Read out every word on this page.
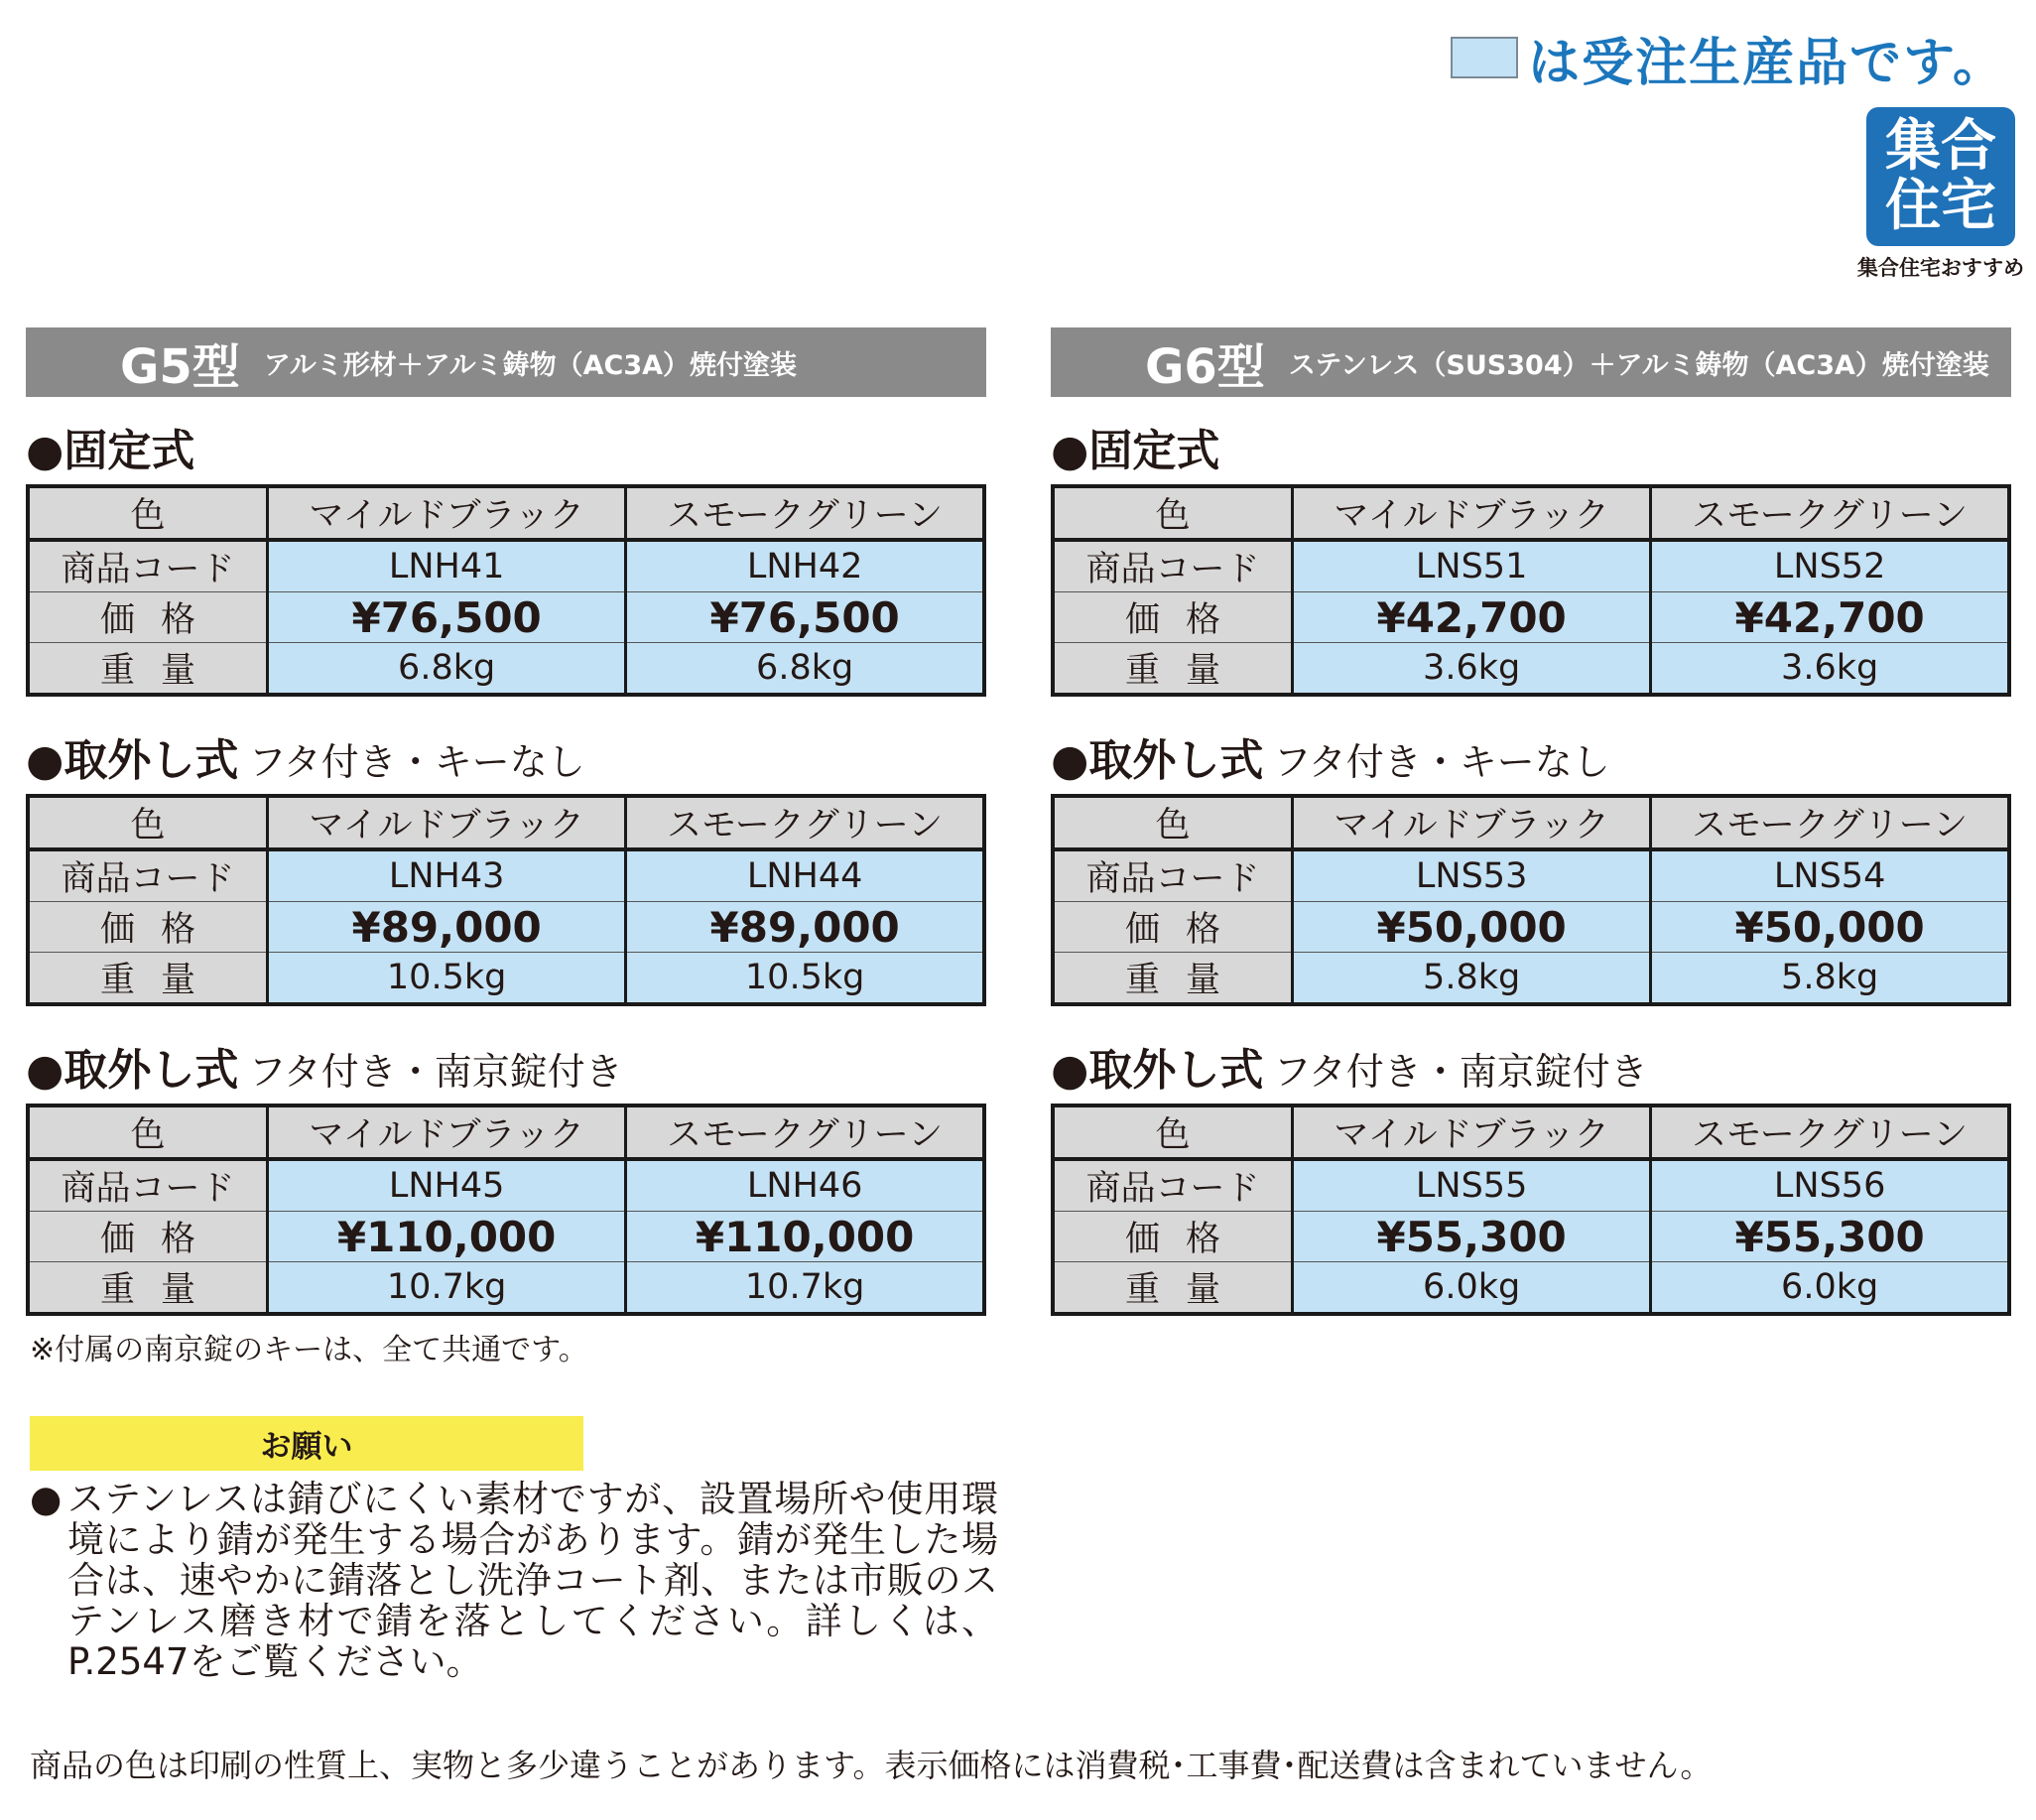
は受注生産品です。
集合
住宅
集合住宅おすすめ
G5型 アルミ形材＋アルミ鋳物（AC3A）焼付塗装	G6型 ステンレス（SUS304）＋アルミ鋳物（AC3A）焼付塗装
●固定式
色	マイルドブラック	スモークグリーン
商品コード	LNH41	LNH42
価格	¥76,500	¥76,500
重量	6.8kg	6.8kg
●取外し式 フタ付き・キーなし
色	マイルドブラック	スモークグリーン
商品コード	LNH43	LNH44
価格	¥89,000	¥89,000
重量	10.5kg	10.5kg
●取外し式 フタ付き・南京錠付き
色	マイルドブラック	スモークグリーン
商品コード	LNH45	LNH46
価格	¥110,000	¥110,000
重量	10.7kg	10.7kg
●固定式
色	マイルドブラック	スモークグリーン
商品コード	LNS51	LNS52
価格	¥42,700	¥42,700
重量	3.6kg	3.6kg
●取外し式 フタ付き・キーなし
色	マイルドブラック	スモークグリーン
商品コード	LNS53	LNS54
価格	¥50,000	¥50,000
重量	5.8kg	5.8kg
●取外し式 フタ付き・南京錠付き
色	マイルドブラック	スモークグリーン
商品コード	LNS55	LNS56
価格	¥55,300	¥55,300
重量	6.0kg	6.0kg
※付属の南京錠のキーは、全て共通です。
お願い
● ステンレスは錆びにくい素材ですが、設置場所や使用環境により錆が発生する場合があります。錆が発生した場合は、速やかに錆落とし洗浄コート剤、または市販のステンレス磨き材で錆を落としてください。詳しくは、P.2547をご覧ください。
商品の色は印刷の性質上、実物と多少違うことがあります。表示価格には消費税･工事費･配送費は含まれていません。
